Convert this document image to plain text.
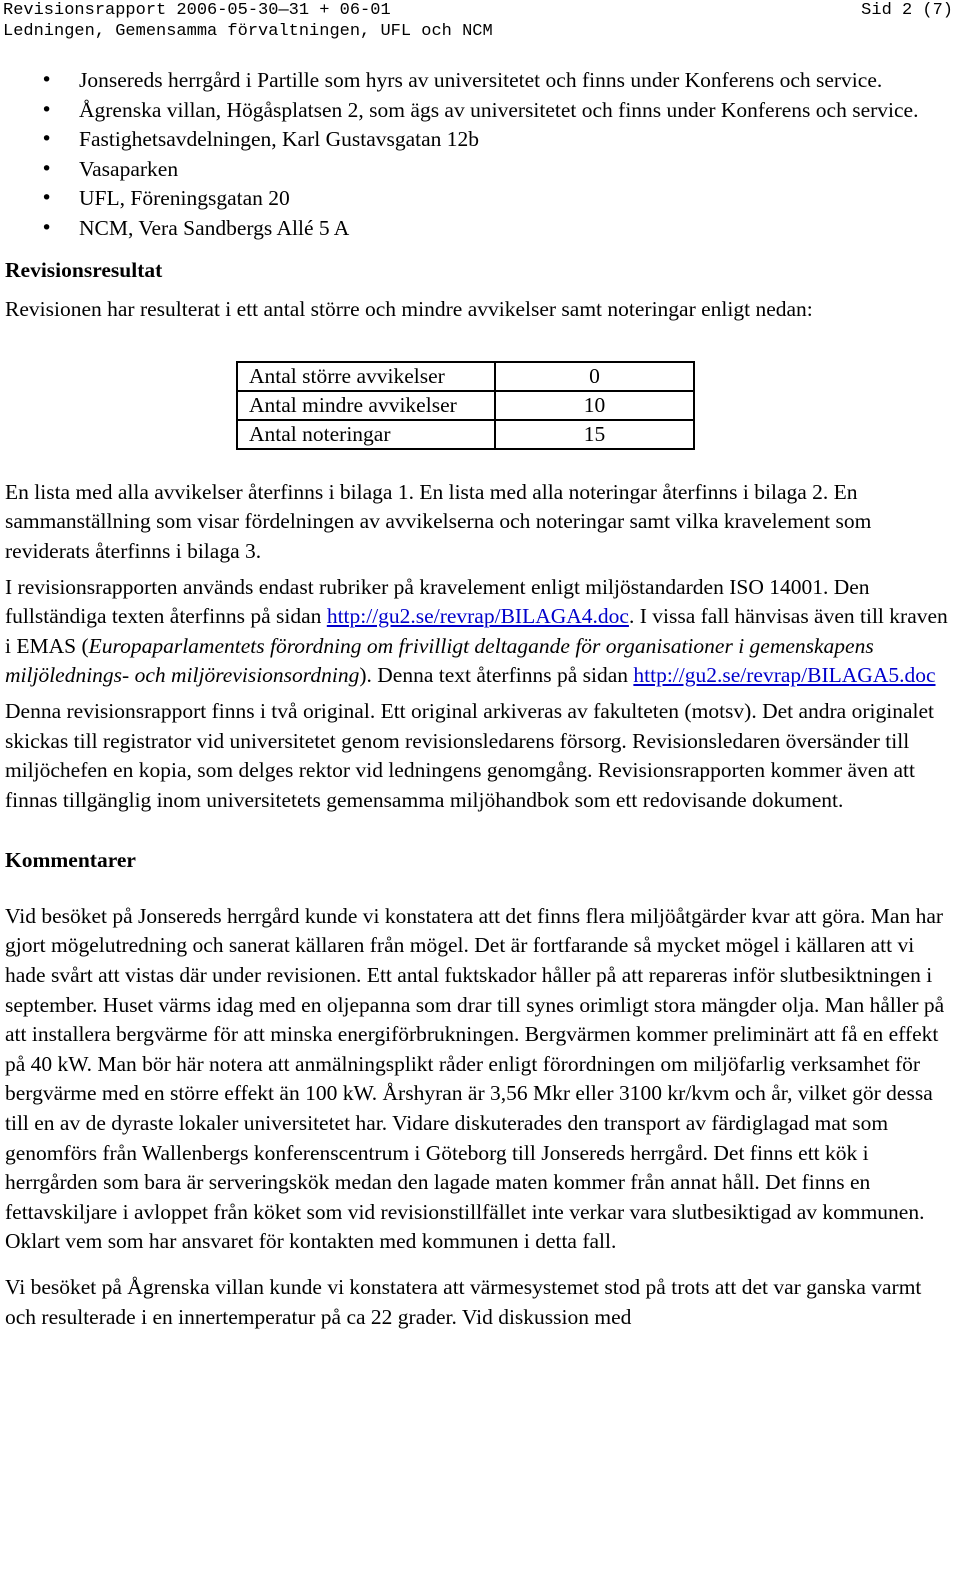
Revisionsrapport 2006-05-30—31 + 06-01	Sid 2 (7)
Ledningen, Gemensamma förvaltningen, UFL och NCM
• Jonsereds herrgård i Partille som hyrs av universitetet och finns under Konferens och service.
• Ågrenska villan, Högåsplatsen 2, som ägs av universitetet och finns under Konferens och service.
• Fastighetsavdelningen, Karl Gustavsgatan 12b
• Vasaparken
• UFL, Föreningsgatan 20
• NCM, Vera Sandbergs Allé 5 A
Revisionsresultat

Revisionen har resulterat i ett antal större och mindre avvikelser samt noteringar enligt nedan:

Antal större avvikelser	0
Antal mindre avvikelser	10
Antal noteringar	15

En lista med alla avvikelser återfinns i bilaga 1. En lista med alla noteringar återfinns i bilaga 2. En sammanställning som visar fördelningen av avvikelserna och noteringar samt vilka kravelement som reviderats återfinns i bilaga 3.

I revisionsrapporten används endast rubriker på kravelement enligt miljöstandarden ISO 14001. Den fullständiga texten återfinns på sidan http://gu2.se/revrap/BILAGA4.doc. I vissa fall hänvisas även till kraven i EMAS (Europaparlamentets förordning om frivilligt deltagande för organisationer i gemenskapens miljölednings- och miljörevisionsordning). Denna text återfinns på sidan http://gu2.se/revrap/BILAGA5.doc

Denna revisionsrapport finns i två original. Ett original arkiveras av fakulteten (motsv). Det andra originalet skickas till registrator vid universitetet genom revisionsledarens försorg. Revisionsledaren översänder till miljöchefen en kopia, som delges rektor vid ledningens genomgång. Revisionsrapporten kommer även att finnas tillgänglig inom universitetets gemensamma miljöhandbok som ett redovisande dokument.

Kommentarer

Vid besöket på Jonsereds herrgård kunde vi konstatera att det finns flera miljöåtgärder kvar att göra. Man har gjort mögelutredning och sanerat källaren från mögel. Det är fortfarande så mycket mögel i källaren att vi hade svårt att vistas där under revisionen. Ett antal fuktskador håller på att repareras inför slutbesiktningen i september. Huset värms idag med en oljepanna som drar till synes orimligt stora mängder olja. Man håller på att installera bergvärme för att minska energiförbrukningen. Bergvärmen kommer preliminärt att få en effekt på 40 kW. Man bör här notera att anmälningsplikt råder enligt förordningen om miljöfarlig verksamhet för bergvärme med en större effekt än 100 kW. Årshyran är 3,56 Mkr eller 3100 kr/kvm och år, vilket gör dessa till en av de dyraste lokaler universitetet har. Vidare diskuterades den transport av färdiglagad mat som genomförs från Wallenbergs konferenscentrum i Göteborg till Jonsereds herrgård. Det finns ett kök i herrgården som bara är serveringskök medan den lagade maten kommer från annat håll. Det finns en fettavskiljare i avloppet från köket som vid revisionstillfället inte verkar vara slutbesiktigad av kommunen. Oklart vem som har ansvaret för kontakten med kommunen i detta fall.

Vi besöket på Ågrenska villan kunde vi konstatera att värmesystemet stod på trots att det var ganska varmt och resulterade i en innertemperatur på ca 22 grader. Vid diskussion med
